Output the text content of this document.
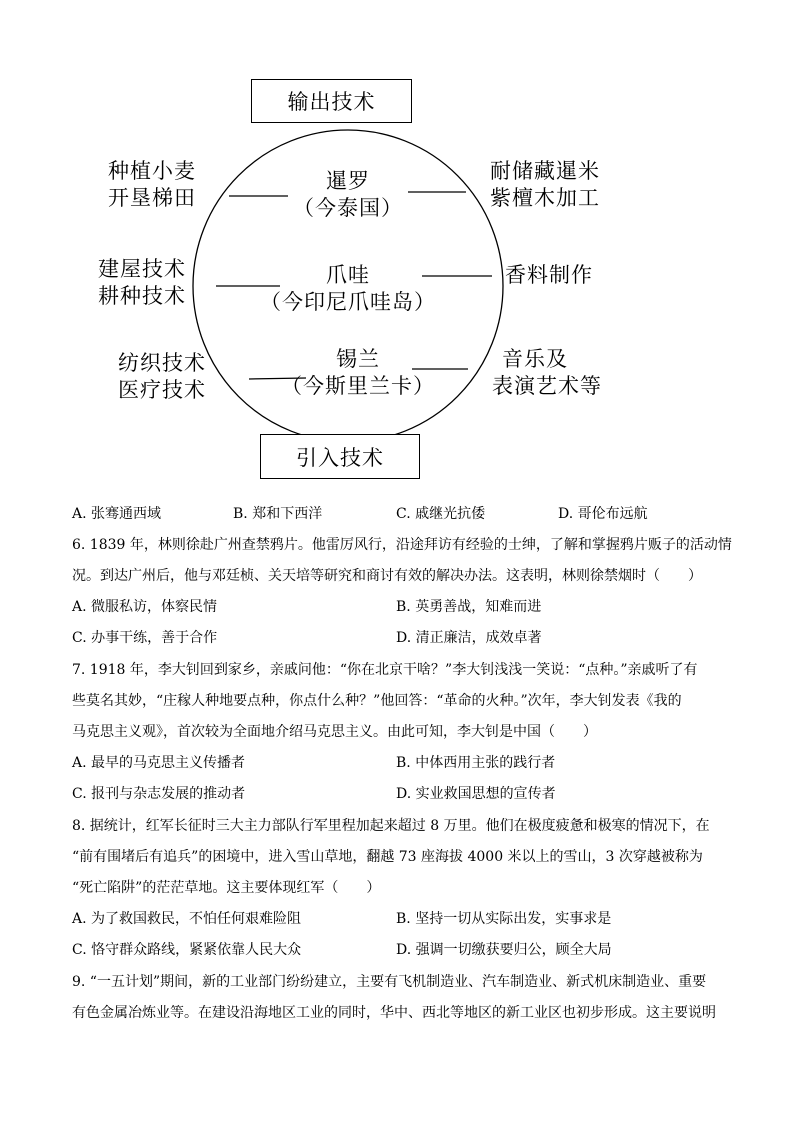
输出技术
引入技术
暹罗
（今泰国）
爪哇
（今印尼爪哇岛）
锡兰
（今斯里兰卡）
种植小麦
开垦梯田
建屋技术
耕种技术
纺织技术
医疗技术
耐储藏暹米
紫檀木加工
香料制作
音乐及
表演艺术等
A. 张骞通西域	B. 郑和下西洋	C. 戚继光抗倭	D. 哥伦布远航
6. 1839 年，林则徐赴广州查禁鸦片。他雷厉风行，沿途拜访有经验的士绅，了解和掌握鸦片贩子的活动情
况。到达广州后，他与邓廷桢、关天培等研究和商讨有效的解决办法。这表明，林则徐禁烟时（　　）
A. 微服私访，体察民情	B. 英勇善战，知难而进
C. 办事干练，善于合作	D. 清正廉洁，成效卓著
7. 1918 年，李大钊回到家乡，亲戚问他：“你在北京干啥？”李大钊浅浅一笑说：“点种。”亲戚听了有
些莫名其妙，“庄稼人种地要点种，你点什么种？”他回答：“革命的火种。”次年，李大钊发表《我的
马克思主义观》，首次较为全面地介绍马克思主义。由此可知，李大钊是中国（　　）
A. 最早的马克思主义传播者	B. 中体西用主张的践行者
C. 报刊与杂志发展的推动者	D. 实业救国思想的宣传者
8. 据统计，红军长征时三大主力部队行军里程加起来超过 8 万里。他们在极度疲惫和极寒的情况下，在
“前有围堵后有追兵”的困境中，进入雪山草地，翻越 73 座海拔 4000 米以上的雪山，3 次穿越被称为
“死亡陷阱”的茫茫草地。这主要体现红军（　　）
A. 为了救国救民，不怕任何艰难险阻	B. 坚持一切从实际出发，实事求是
C. 恪守群众路线，紧紧依靠人民大众	D. 强调一切缴获要归公，顾全大局
9. “一五计划”期间，新的工业部门纷纷建立，主要有飞机制造业、汽车制造业、新式机床制造业、重要
有色金属冶炼业等。在建设沿海地区工业的同时，华中、西北等地区的新工业区也初步形成。这主要说明
